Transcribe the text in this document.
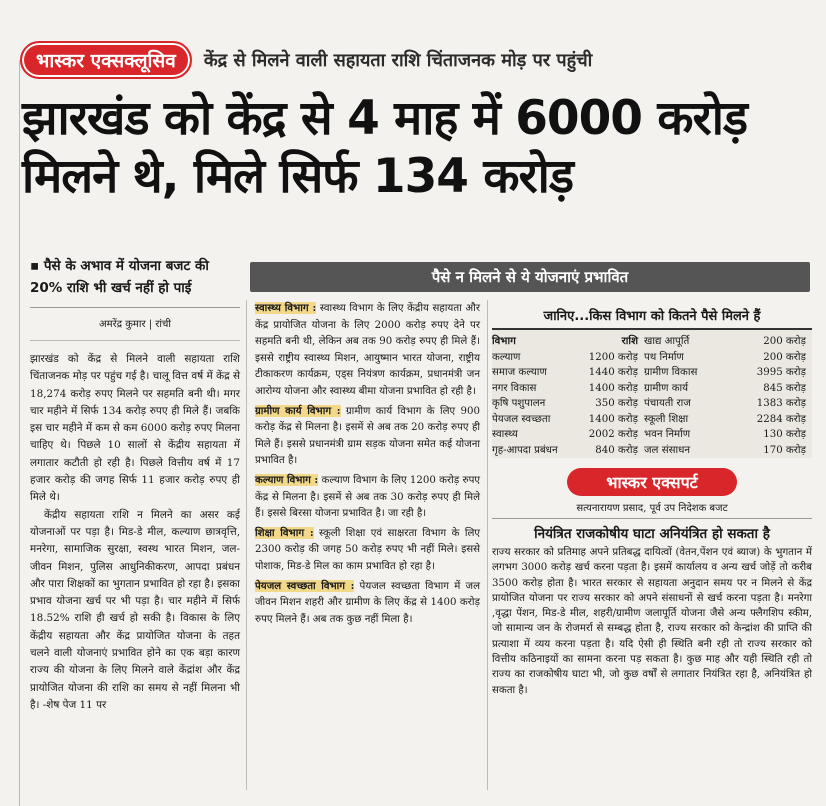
भास्कर एक्सक्लूसिव	केंद्र से मिलने वाली सहायता राशि चिंताजनक मोड़ पर पहुंची
झारखंड को केंद्र से 4 माह में 6000 करोड़ मिलने थे, मिले सिर्फ 134 करोड़
▪ पैसे के अभाव में योजना बजट की 20% राशि भी खर्च नहीं हो पाई
अमरेंद्र कुमार | रांची

झारखंड को केंद्र से मिलने वाली सहायता राशि चिंताजनक मोड़ पर पहुंच गई है। चालू वित्त वर्ष में केंद्र से 18,274 करोड़ रुपए मिलने पर सहमति बनी थी। मगर चार महीने में सिर्फ 134 करोड़ रुपए ही मिले हैं। जबकि इस चार महीने में कम से कम 6000 करोड़ रुपए मिलना चाहिए थे। पिछले 10 सालों से केंद्रीय सहायता में लगातार कटौती हो रही है। पिछले वित्तीय वर्ष में 17 हजार करोड़ की जगह सिर्फ 11 हजार करोड़ रुपए ही मिले थे।

केंद्रीय सहायता राशि न मिलने का असर कई योजनाओं पर पड़ा है। मिड-डे मील, कल्याण छात्रवृत्ति, मनरेगा, सामाजिक सुरक्षा, स्वस्थ भारत मिशन, जल-जीवन मिशन, पुलिस आधुनिकीकरण, आपदा प्रबंधन और पारा शिक्षकों का भुगतान प्रभावित हो रहा है। इसका प्रभाव योजना खर्च पर भी पड़ा है। चार महीने में सिर्फ 18.52% राशि ही खर्च हो सकी है। विकास के लिए केंद्रीय सहायता और केंद्र प्रायोजित योजना के तहत चलने वाली योजनाएं प्रभावित होने का एक बड़ा कारण राज्य की योजना के लिए मिलने वाले केंद्रांश और केंद्र प्रायोजित योजना की राशि का समय से नहीं मिलना भी है। -शेष पेज 11 पर

पैसे न मिलने से ये योजनाएं प्रभावित

स्वास्थ्य विभाग : स्वास्थ्य विभाग के लिए केंद्रीय सहायता और केंद्र प्रायोजित योजना के लिए 2000 करोड़ रुपए देने पर सहमति बनी थी, लेकिन अब तक 90 करोड़ रुपए ही मिले हैं। इससे राष्ट्रीय स्वास्थ्य मिशन, आयुष्मान भारत योजना, राष्ट्रीय टीकाकरण कार्यक्रम, एड्स नियंत्रण कार्यक्रम, प्रधानमंत्री जन आरोग्य योजना और स्वास्थ्य बीमा योजना प्रभावित हो रही है।

ग्रामीण कार्य विभाग : ग्रामीण कार्य विभाग के लिए 900 करोड़ केंद्र से मिलना है। इसमें से अब तक 20 करोड़ रुपए ही मिले हैं। इससे प्रधानमंत्री ग्राम सड़क योजना समेत कई योजना प्रभावित है।

कल्याण विभाग : कल्याण विभाग के लिए 1200 करोड़ रुपए केंद्र से मिलना है। इसमें से अब तक 30 करोड़ रुपए ही मिले हैं। इससे बिरसा योजना प्रभावित है। जा रही है।

शिक्षा विभाग : स्कूली शिक्षा एवं साक्षरता विभाग के लिए 2300 करोड़ की जगह 50 करोड़ रुपए भी नहीं मिले। इससे पोशाक, मिड-डे मिल का काम प्रभावित हो रहा है।

पेयजल स्वच्छता विभाग : पेयजल स्वच्छता विभाग में जल जीवन मिशन शहरी और ग्रामीण के लिए केंद्र से 1400 करोड़ रुपए मिलने हैं। अब तक कुछ नहीं मिला है।

जानिए...किस विभाग को कितने पैसे मिलने हैं
विभाग	राशि खाद्य आपूर्ति	200 करोड़
कल्याण	1200 करोड़ पथ निर्माण	200 करोड़
समाज कल्याण	1440 करोड़ ग्रामीण विकास	3995 करोड़
नगर विकास	1400 करोड़ ग्रामीण कार्य	845 करोड़
कृषि पशुपालन	350 करोड़ पंचायती राज	1383 करोड़
पेयजल स्वच्छता	1400 करोड़ स्कूली शिक्षा	2284 करोड़
स्वास्थ्य	2002 करोड़ भवन निर्माण	130 करोड़
गृह-आपदा प्रबंधन	840 करोड़ जल संसाधन	170 करोड़
भास्कर एक्सपर्ट
सत्यनारायण प्रसाद, पूर्व उप निदेशक बजट
नियंत्रित राजकोषीय घाटा अनियंत्रित हो सकता है

राज्य सरकार को प्रतिमाह अपने प्रतिबद्ध दायित्वों (वेतन,पेंशन एवं ब्याज) के भुगतान में लगभग 3000 करोड़ खर्च करना पड़ता है। इसमें कार्यालय व अन्य खर्च जोड़ें तो करीब 3500 करोड़ होता है। भारत सरकार से सहायता अनुदान समय पर न मिलने से केंद्र प्रायोजित योजना पर राज्य सरकार को अपने संसाधनों से खर्च करना पड़ता है। मनरेगा ,वृद्धा पेंशन, मिड-डे मील, शहरी/ग्रामीण जलापूर्ति योजना जैसे अन्य फ्लैगशिप स्कीम, जो सामान्य जन के रोजमर्रा से सम्बद्ध होता है, राज्य सरकार को केन्द्रांश की प्राप्ति की प्रत्याशा में व्यय करना पड़ता है। यदि ऐसी ही स्थिति बनी रही तो राज्य सरकार को वित्तीय कठिनाइयों का सामना करना पड़ सकता है। कुछ माह और यही स्थिति रही तो राज्य का राजकोषीय घाटा भी, जो कुछ वर्षों से लगातार नियंत्रित रहा है, अनियंत्रित हो सकता है।
